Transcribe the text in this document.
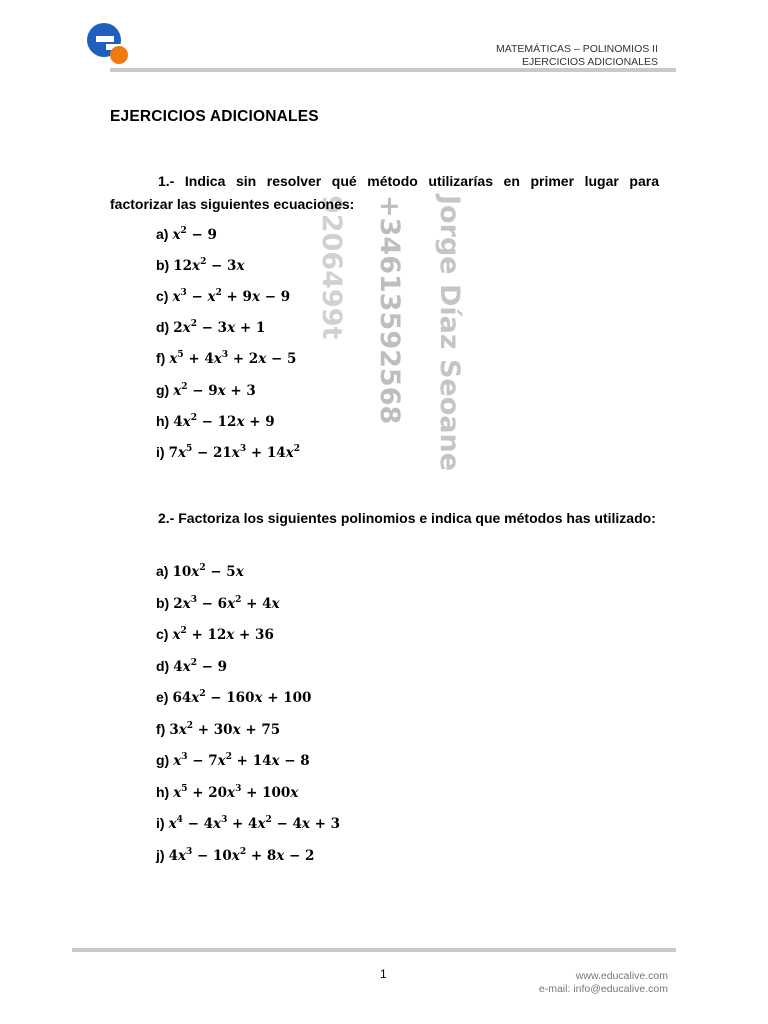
MATEMÁTICAS – POLINOMIOS II
EJERCICIOS ADICIONALES
EJERCICIOS ADICIONALES
92064​99t +34613592568 Jorge Díaz Seoane
1.- Indica sin resolver qué método utilizarías en primer lugar para factorizar las siguientes ecuaciones:
a) $x^2 - 9$
b) $12x^2 - 3x$
c) $x^3 - x^2 + 9x - 9$
d) $2x^2 - 3x + 1$
f) $x^5 + 4x^3 + 2x - 5$
g) $x^2 - 9x + 3$
h) $4x^2 - 12x + 9$
i) $7x^5 - 21x^3 + 14x^2$
2.- Factoriza los siguientes polinomios e indica que métodos has utilizado:
a) $10x^2 - 5x$
b) $2x^3 - 6x^2 + 4x$
c) $x^2 + 12x + 36$
d) $4x^2 - 9$
e) $64x^2 - 160x + 100$
f) $3x^2 + 30x + 75$
g) $x^3 - 7x^2 + 14x - 8$
h) $x^5 + 20x^3 + 100x$
i) $x^4 - 4x^3 + 4x^2 - 4x + 3$
j) $4x^3 - 10x^2 + 8x - 2$
1	www.educalive.com
e-mail: info@educalive.com
